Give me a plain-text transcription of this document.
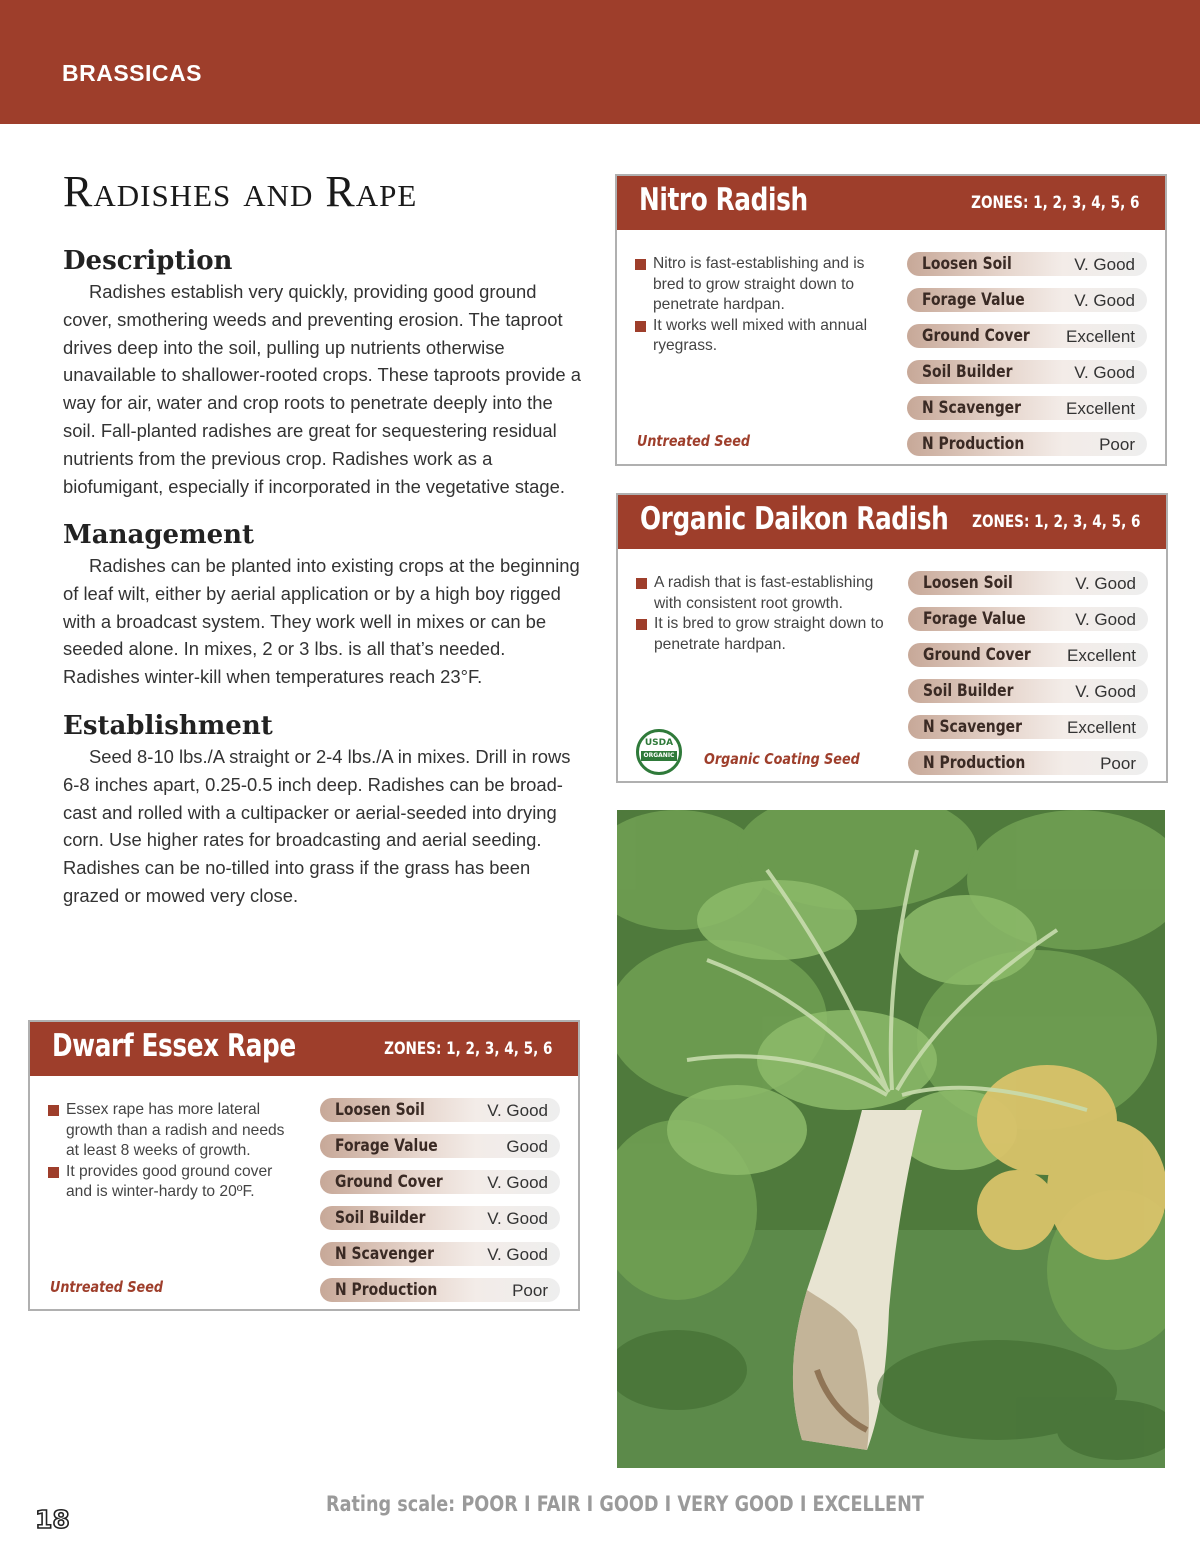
BRASSICAS
Radishes and Rape
Description

Radishes establish very quickly, providing good ground cover, smothering weeds and preventing erosion. The taproot drives deep into the soil, pulling up nutrients otherwise unavailable to shallower-rooted crops. These taproots provide a way for air, water and crop roots to penetrate deeply into the soil. Fall-planted radishes are great for sequestering residual nutrients from the previous crop. Radishes work as a biofumigant, especially if incorporated in the vegetative stage.

Management

Radishes can be planted into existing crops at the beginning of leaf wilt, either by aerial application or by a high boy rigged with a broadcast system. They work well in mixes or can be seeded alone. In mixes, 2 or 3 lbs. is all that’s needed. Radishes winter-kill when temperatures reach 23°F.

Establishment

Seed 8-10 lbs./A straight or 2-4 lbs./A in mixes. Drill in rows 6-8 inches apart, 0.25-0.5 inch deep. Radishes can be broad-cast and rolled with a cultipacker or aerial-seeded into drying corn. Use higher rates for broadcasting and aerial seeding. Radishes can be no-tilled into grass if the grass has been grazed or mowed very close.

Nitro Radish	ZONES: 1, 2, 3, 4, 5, 6
Nitro is fast-establishing and is bred to grow straight down to penetrate hardpan.
It works well mixed with annual ryegrass.
Loosen Soil	V. Good
Forage Value	V. Good
Ground Cover Excellent
Soil Builder	V. Good
N Scavenger	Excellent
N Production	Poor
Untreated Seed
Organic Daikon Radish ZONES: 1, 2, 3, 4, 5, 6
A radish that is fast-establishing with consistent root growth.
It is bred to grow straight down to penetrate hardpan.
Loosen Soil	V. Good
Forage Value	V. Good
Ground Cover Excellent
Soil Builder	V. Good
N Scavenger	Excellent
N Production	Poor
USDA
ORGANIC	Organic Coating Seed
Dwarf Essex Rape	ZONES: 1, 2, 3, 4, 5, 6
Essex rape has more lateral growth than a radish and needs at least 8 weeks of growth.
It provides good ground cover and is winter-hardy to 20ºF.
Loosen Soil	V. Good
Forage Value	Good
Ground Cover	V. Good
Soil Builder	V. Good
N Scavenger	V. Good
N Production	Poor
Untreated Seed
Rating scale: POOR I FAIR I GOOD I VERY GOOD I EXCELLENT
18
